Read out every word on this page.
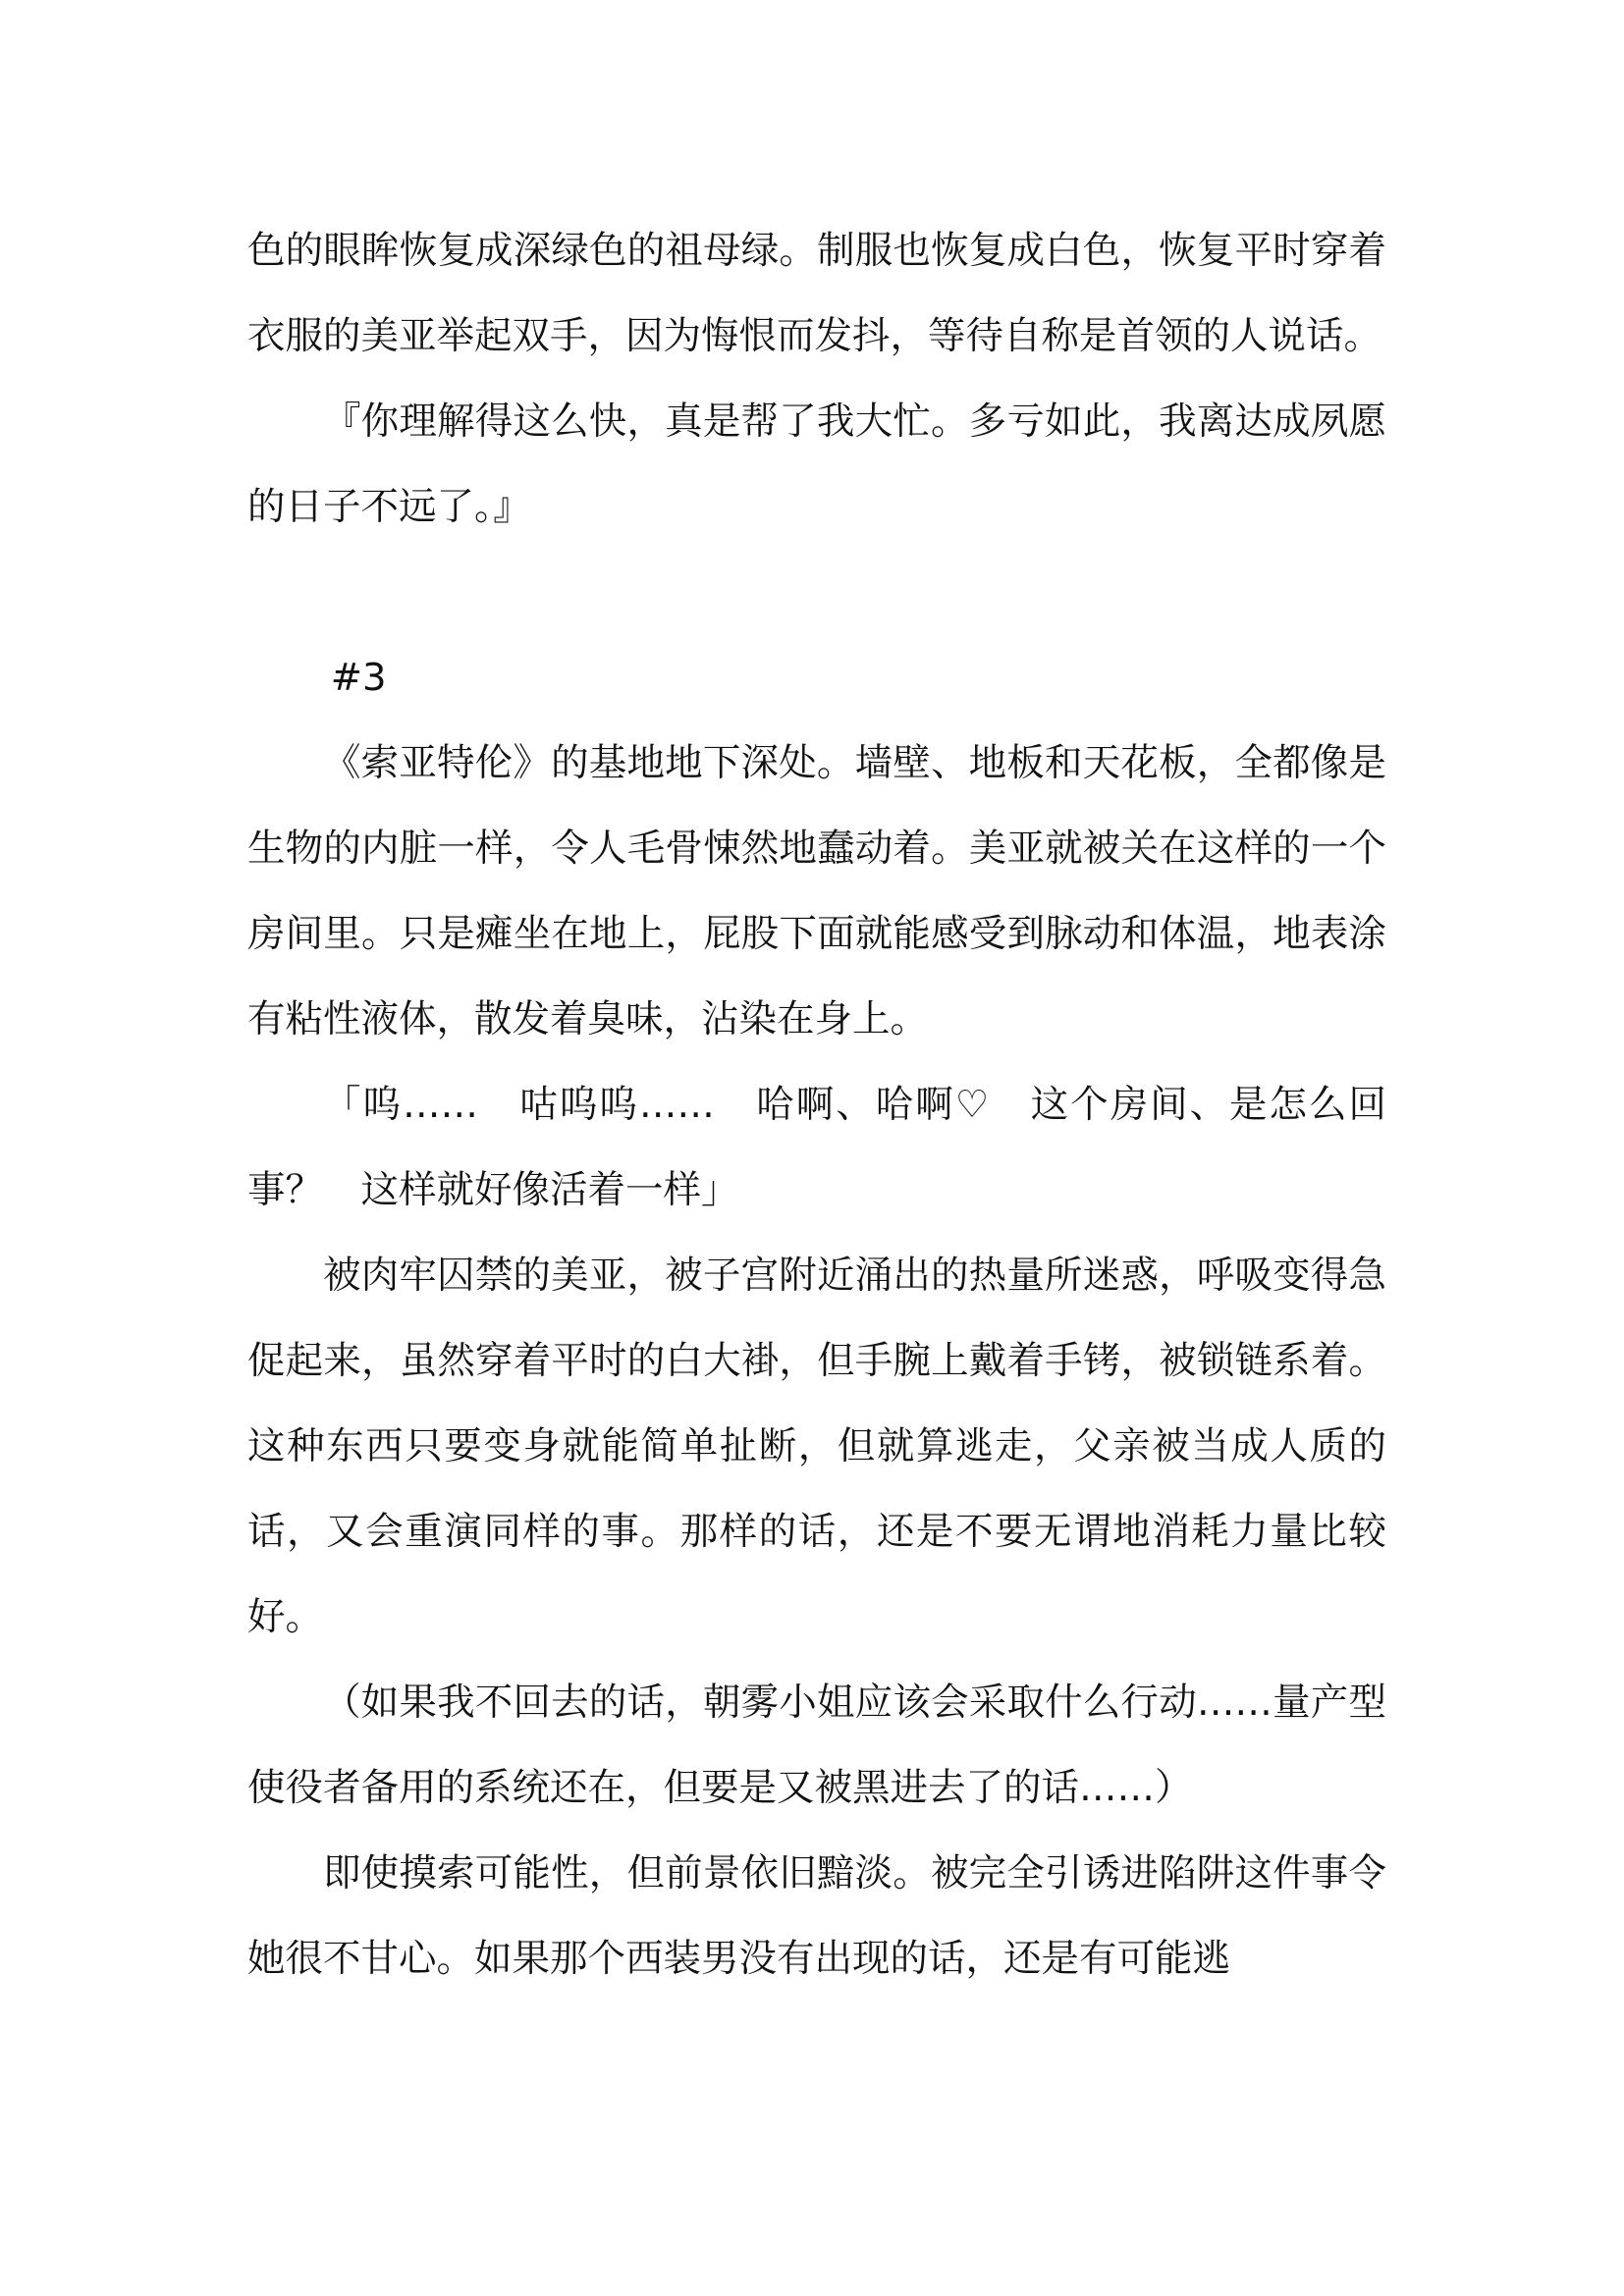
色的眼眸恢复成深绿色的祖母绿。制服也恢复成白色，恢复平时穿着衣服的美亚举起双手，因为悔恨而发抖，等待自称是首领的人说话。

『你理解得这么快，真是帮了我大忙。多亏如此，我离达成夙愿的日子不远了。』

#3

《索亚特伦》的基地地下深处。墙壁、地板和天花板，全都像是生物的内脏一样，令人毛骨悚然地蠢动着。美亚就被关在这样的一个房间里。只是瘫坐在地上，屁股下面就能感受到脉动和体温，地表涂有粘性液体，散发着臭味，沾染在身上。

「呜……　咕呜呜……　哈啊、哈啊♡　这个房间、是怎么回事？　这样就好像活着一样」

被肉牢囚禁的美亚，被子宫附近涌出的热量所迷惑，呼吸变得急促起来，虽然穿着平时的白大褂，但手腕上戴着手铐，被锁链系着。这种东西只要变身就能简单扯断，但就算逃走，父亲被当成人质的话，又会重演同样的事。那样的话，还是不要无谓地消耗力量比较好。

（如果我不回去的话，朝雾小姐应该会采取什么行动……量产型使役者备用的系统还在，但要是又被黑进去了的话……）

即使摸索可能性，但前景依旧黯淡。被完全引诱进陷阱这件事令她很不甘心。如果那个西装男没有出现的话，还是有可能逃
